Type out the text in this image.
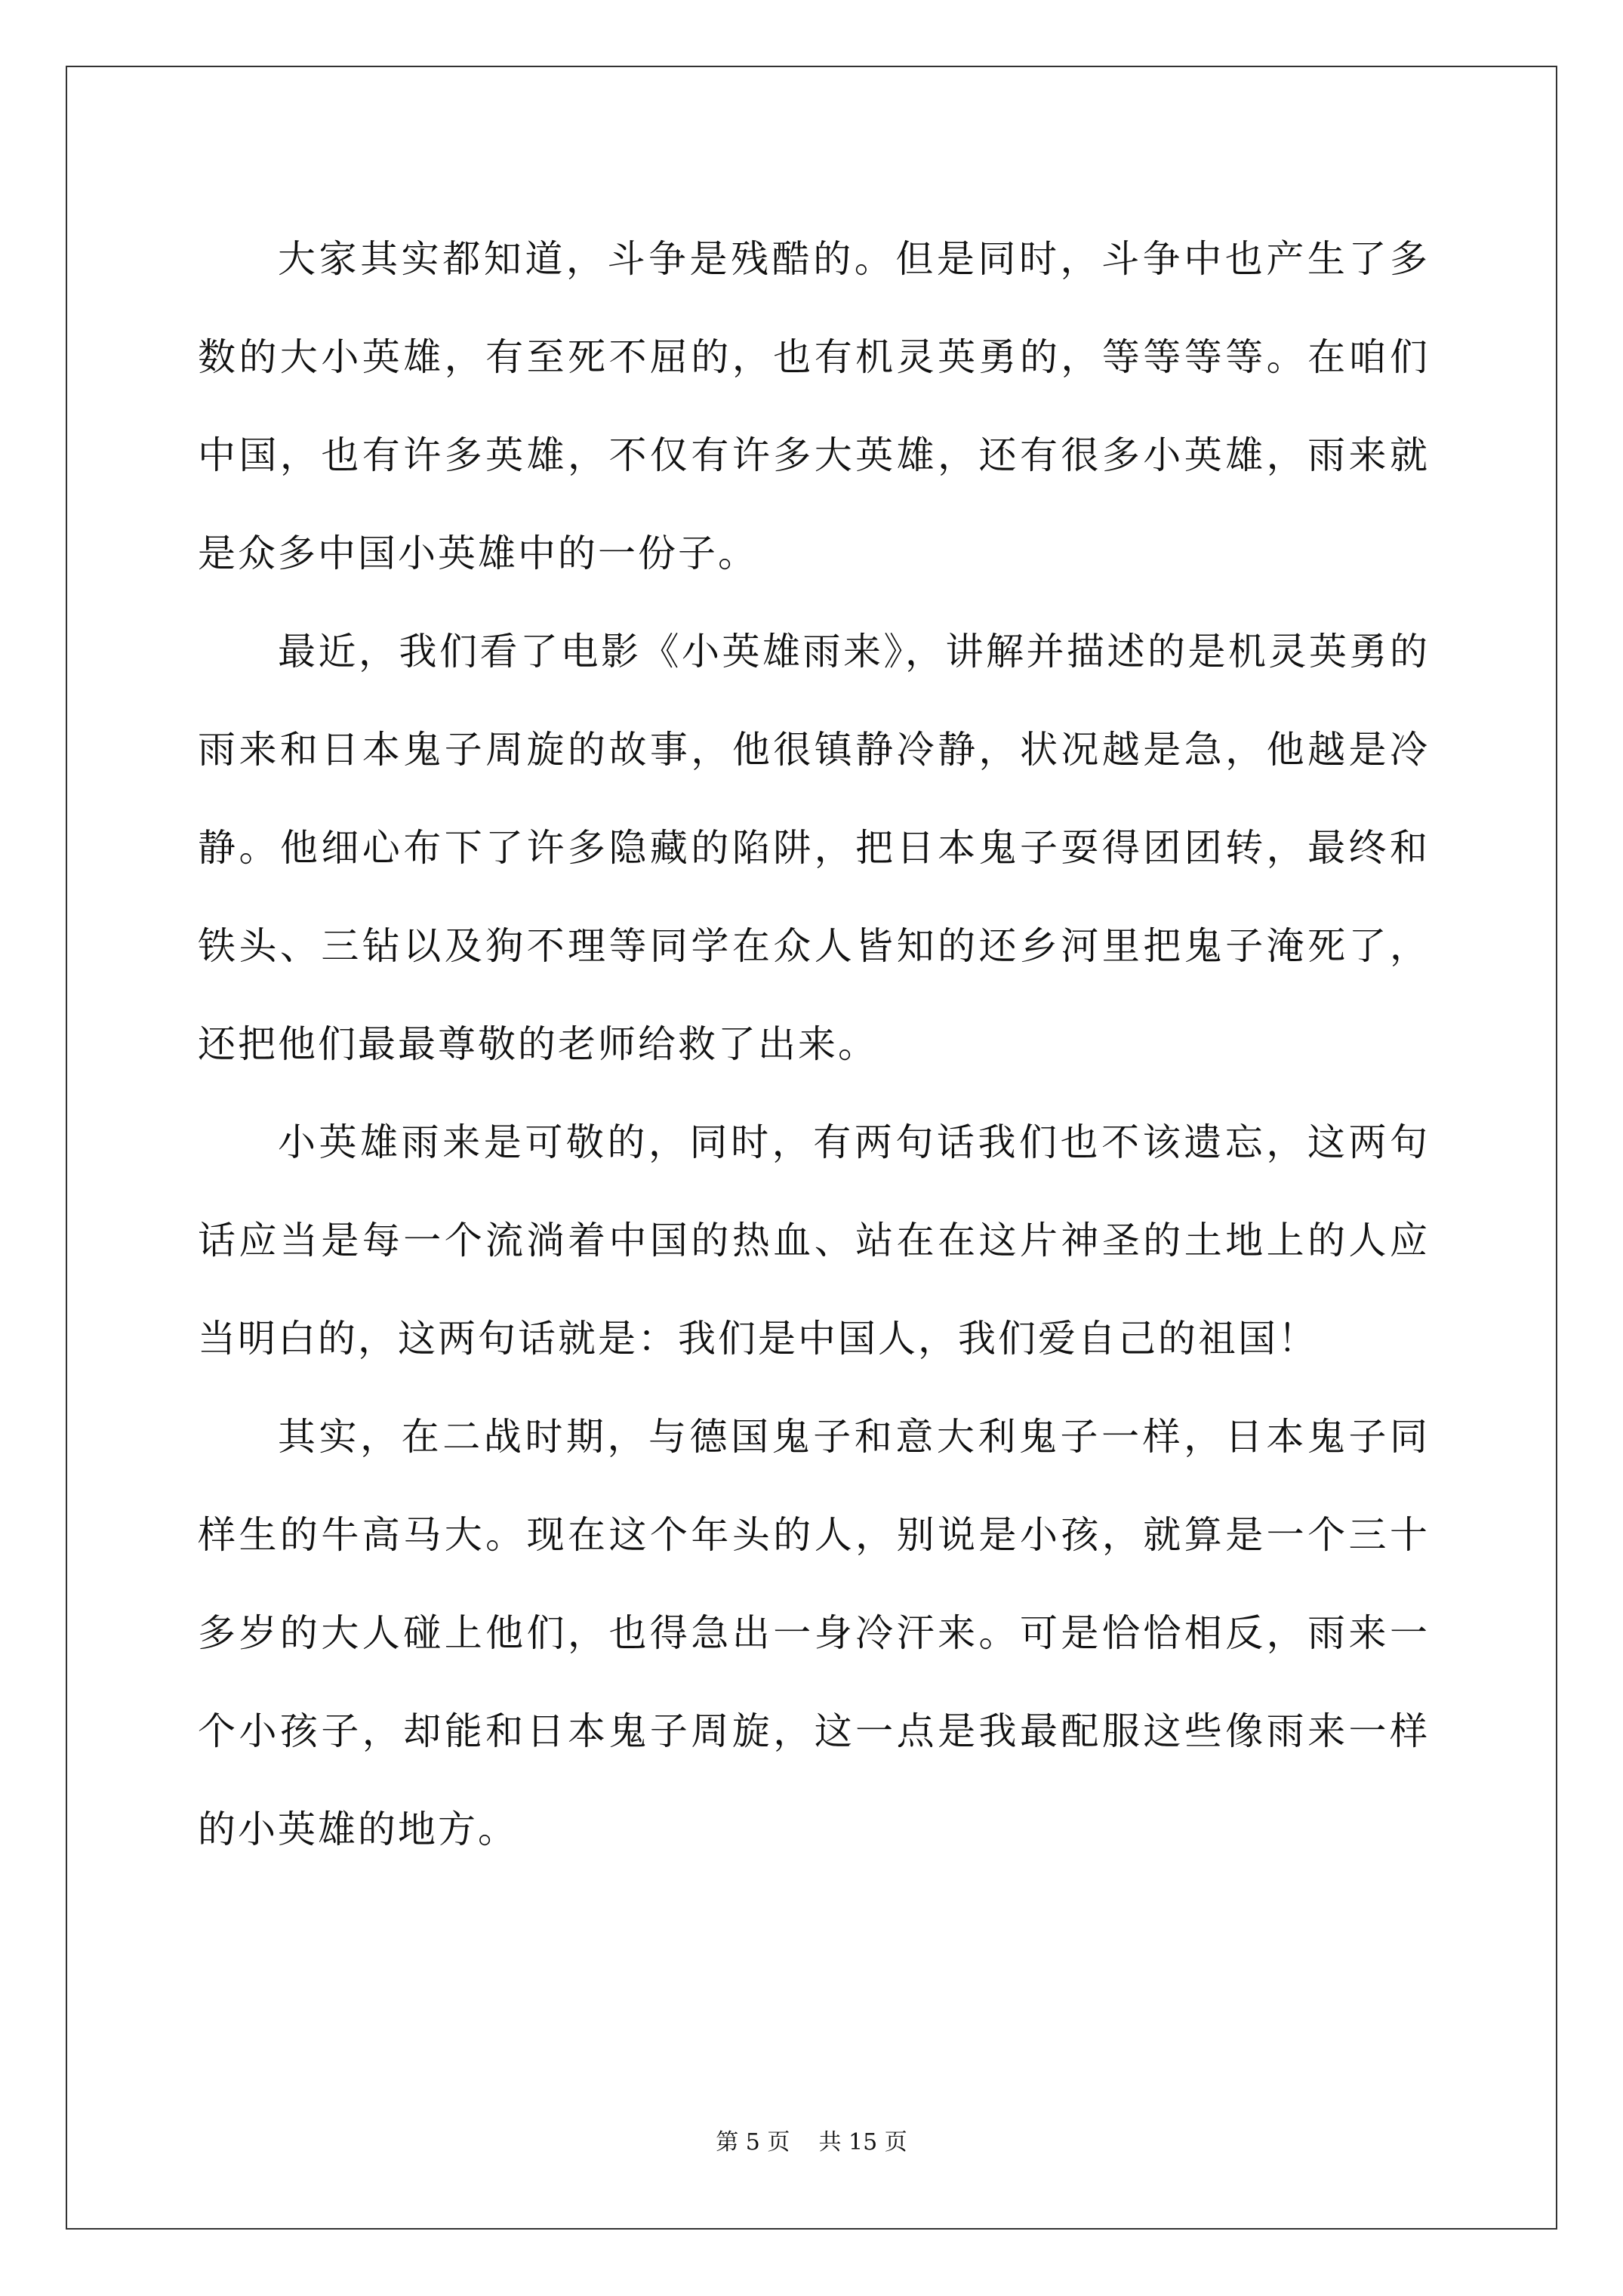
大家其实都知道，斗争是残酷的。但是同时，斗争中也产生了多数的大小英雄，有至死不屈的，也有机灵英勇的，等等等等。在咱们中国，也有许多英雄，不仅有许多大英雄，还有很多小英雄，雨来就是众多中国小英雄中的一份子。

最近，我们看了电影《小英雄雨来》，讲解并描述的是机灵英勇的雨来和日本鬼子周旋的故事，他很镇静冷静，状况越是急，他越是冷静。他细心布下了许多隐藏的陷阱，把日本鬼子耍得团团转，最终和铁头、三钻以及狗不理等同学在众人皆知的还乡河里把鬼子淹死了，还把他们最最尊敬的老师给救了出来。

小英雄雨来是可敬的，同时，有两句话我们也不该遗忘，这两句话应当是每一个流淌着中国的热血、站在在这片神圣的土地上的人应当明白的，这两句话就是：我们是中国人，我们爱自己的祖国！

其实，在二战时期，与德国鬼子和意大利鬼子一样，日本鬼子同样生的牛高马大。现在这个年头的人，别说是小孩，就算是一个三十多岁的大人碰上他们，也得急出一身冷汗来。可是恰恰相反，雨来一个小孩子，却能和日本鬼子周旋，这一点是我最配服这些像雨来一样的小英雄的地方。

第 5 页    共 15 页
